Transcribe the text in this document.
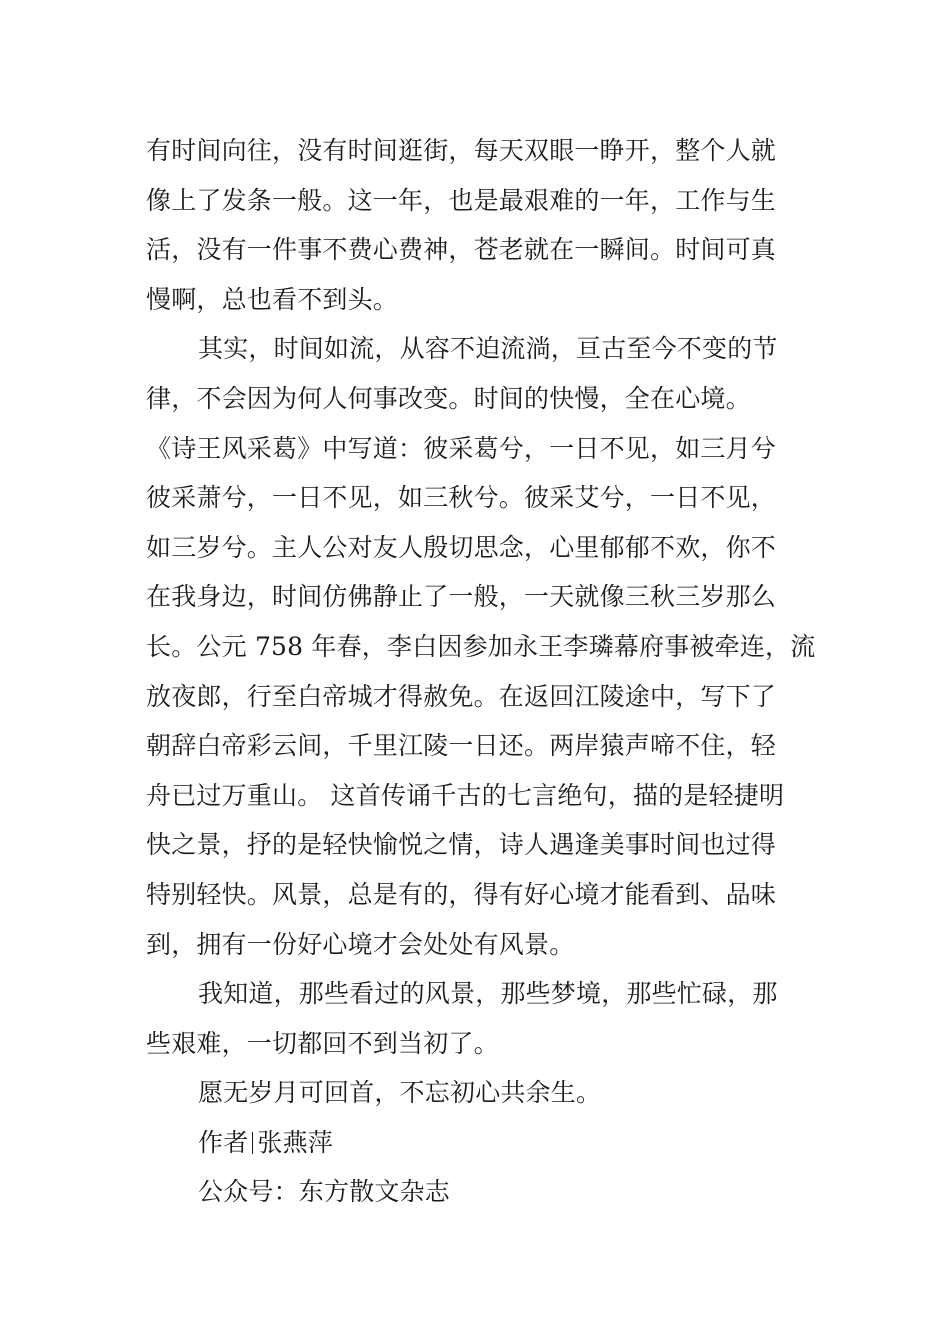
有时间向往，没有时间逛街，每天双眼一睁开，整个人就
像上了发条一般。这一年，也是最艰难的一年，工作与生
活，没有一件事不费心费神，苍老就在一瞬间。时间可真
慢啊，总也看不到头。

其实，时间如流，从容不迫流淌，亘古至今不变的节
律，不会因为何人何事改变。时间的快慢，全在心境。
《诗王风采葛》中写道：彼采葛兮，一日不见，如三月兮
彼采萧兮，一日不见，如三秋兮。彼采艾兮，一日不见，
如三岁兮。主人公对友人殷切思念，心里郁郁不欢，你不
在我身边，时间仿佛静止了一般，一天就像三秋三岁那么
长。公元 758 年春，李白因参加永王李璘幕府事被牵连，流
放夜郎，行至白帝城才得赦免。在返回江陵途中，写下了
朝辞白帝彩云间，千里江陵一日还。两岸猿声啼不住，轻
舟已过万重山。 这首传诵千古的七言绝句，描的是轻捷明
快之景，抒的是轻快愉悦之情，诗人遇逢美事时间也过得
特别轻快。风景，总是有的，得有好心境才能看到、品味
到，拥有一份好心境才会处处有风景。

我知道，那些看过的风景，那些梦境，那些忙碌，那
些艰难，一切都回不到当初了。

愿无岁月可回首，不忘初心共余生。

作者 张燕萍

公众号：东方散文杂志
